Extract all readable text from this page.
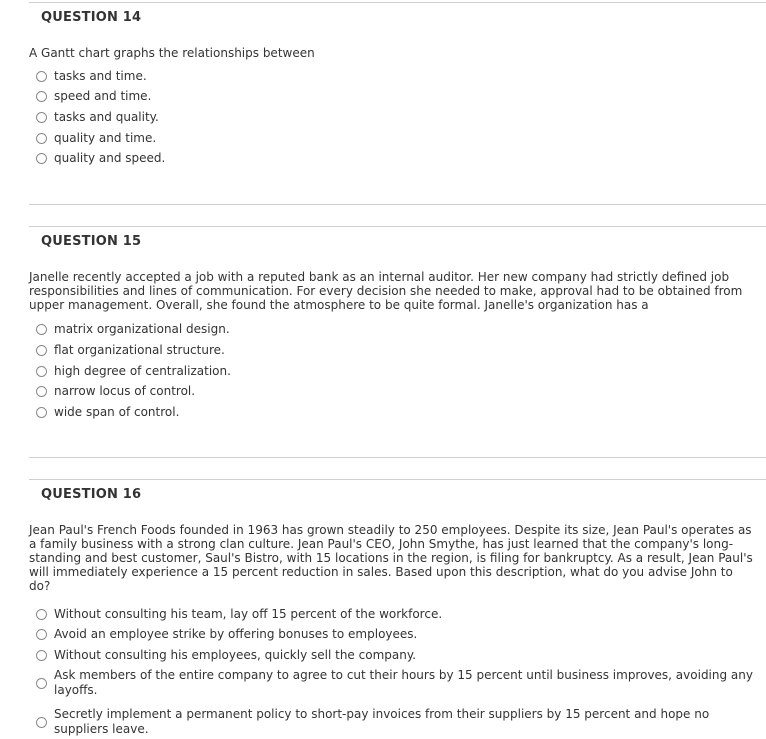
QUESTION 14
A Gantt chart graphs the relationships between
tasks and time.
speed and time.
tasks and quality.
quality and time.
quality and speed.
QUESTION 15
Janelle recently accepted a job with a reputed bank as an internal auditor. Her new company had strictly defined job responsibilities and lines of communication. For every decision she needed to make, approval had to be obtained from upper management. Overall, she found the atmosphere to be quite formal. Janelle's organization has a
matrix organizational design.
flat organizational structure.
high degree of centralization.
narrow locus of control.
wide span of control.
QUESTION 16
Jean Paul's French Foods founded in 1963 has grown steadily to 250 employees. Despite its size, Jean Paul's operates as a family business with a strong clan culture. Jean Paul's CEO, John Smythe, has just learned that the company's long-standing and best customer, Saul's Bistro, with 15 locations in the region, is filing for bankruptcy. As a result, Jean Paul's will immediately experience a 15 percent reduction in sales. Based upon this description, what do you advise John to do?
Without consulting his team, lay off 15 percent of the workforce.
Avoid an employee strike by offering bonuses to employees.
Without consulting his employees, quickly sell the company.
Ask members of the entire company to agree to cut their hours by 15 percent until business improves, avoiding any layoffs.
Secretly implement a permanent policy to short-pay invoices from their suppliers by 15 percent and hope no suppliers leave.
